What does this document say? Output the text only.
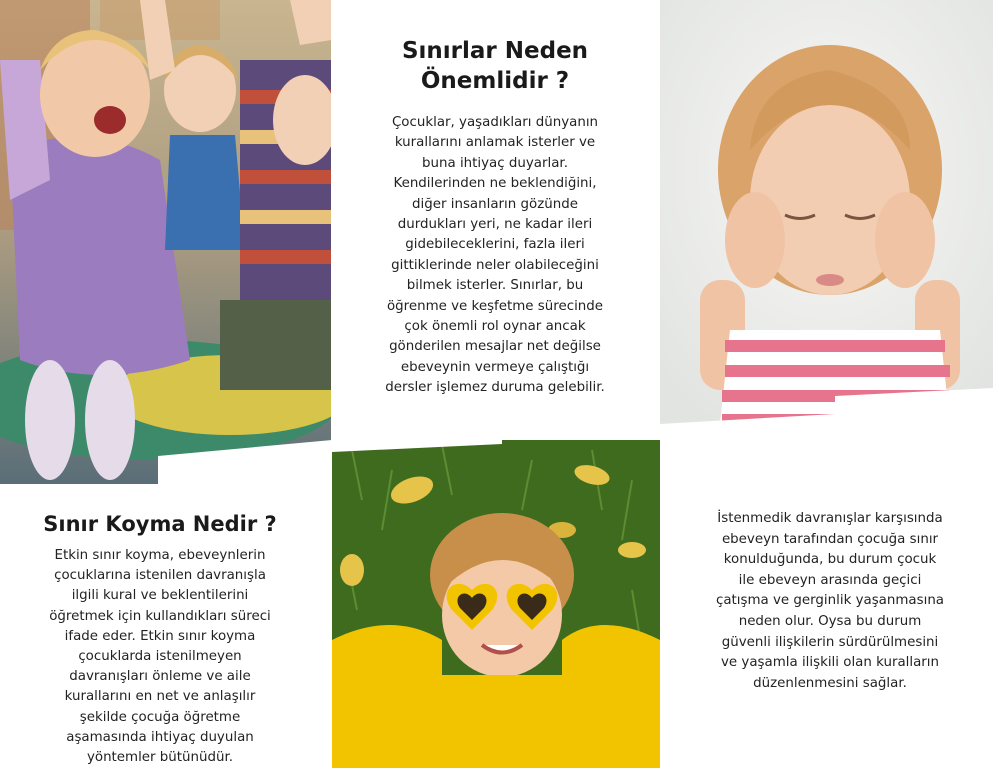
Sınırlar Neden
Önemlidir ?

Çocuklar, yaşadıkları dünyanın
kurallarını anlamak isterler ve
buna ihtiyaç duyarlar.
Kendilerinden ne beklendiğini,
diğer insanların gözünde
durdukları yeri, ne kadar ileri
gidebileceklerini, fazla ileri
gittiklerinde neler olabileceğini
bilmek isterler. Sınırlar, bu
öğrenme ve keşfetme sürecinde
çok önemli rol oynar ancak
gönderilen mesajlar net değilse
ebeveynin vermeye çalıştığı
dersler işlemez duruma gelebilir.

Sınır Koyma Nedir ?

Etkin sınır koyma, ebeveynlerin
çocuklarına istenilen davranışla
ilgili kural ve beklentilerini
öğretmek için kullandıkları süreci
ifade eder. Etkin sınır koyma
çocuklarda istenilmeyen
davranışları önleme ve aile
kurallarını en net ve anlaşılır
şekilde çocuğa öğretme
aşamasında ihtiyaç duyulan
yöntemler bütünüdür.

İstenmedik davranışlar karşısında
ebeveyn tarafından çocuğa sınır
konulduğunda, bu durum çocuk
ile ebeveyn arasında geçici
çatışma ve gerginlik yaşanmasına
neden olur. Oysa bu durum
güvenli ilişkilerin sürdürülmesini
ve yaşamla ilişkili olan kuralların
düzenlenmesini sağlar.
